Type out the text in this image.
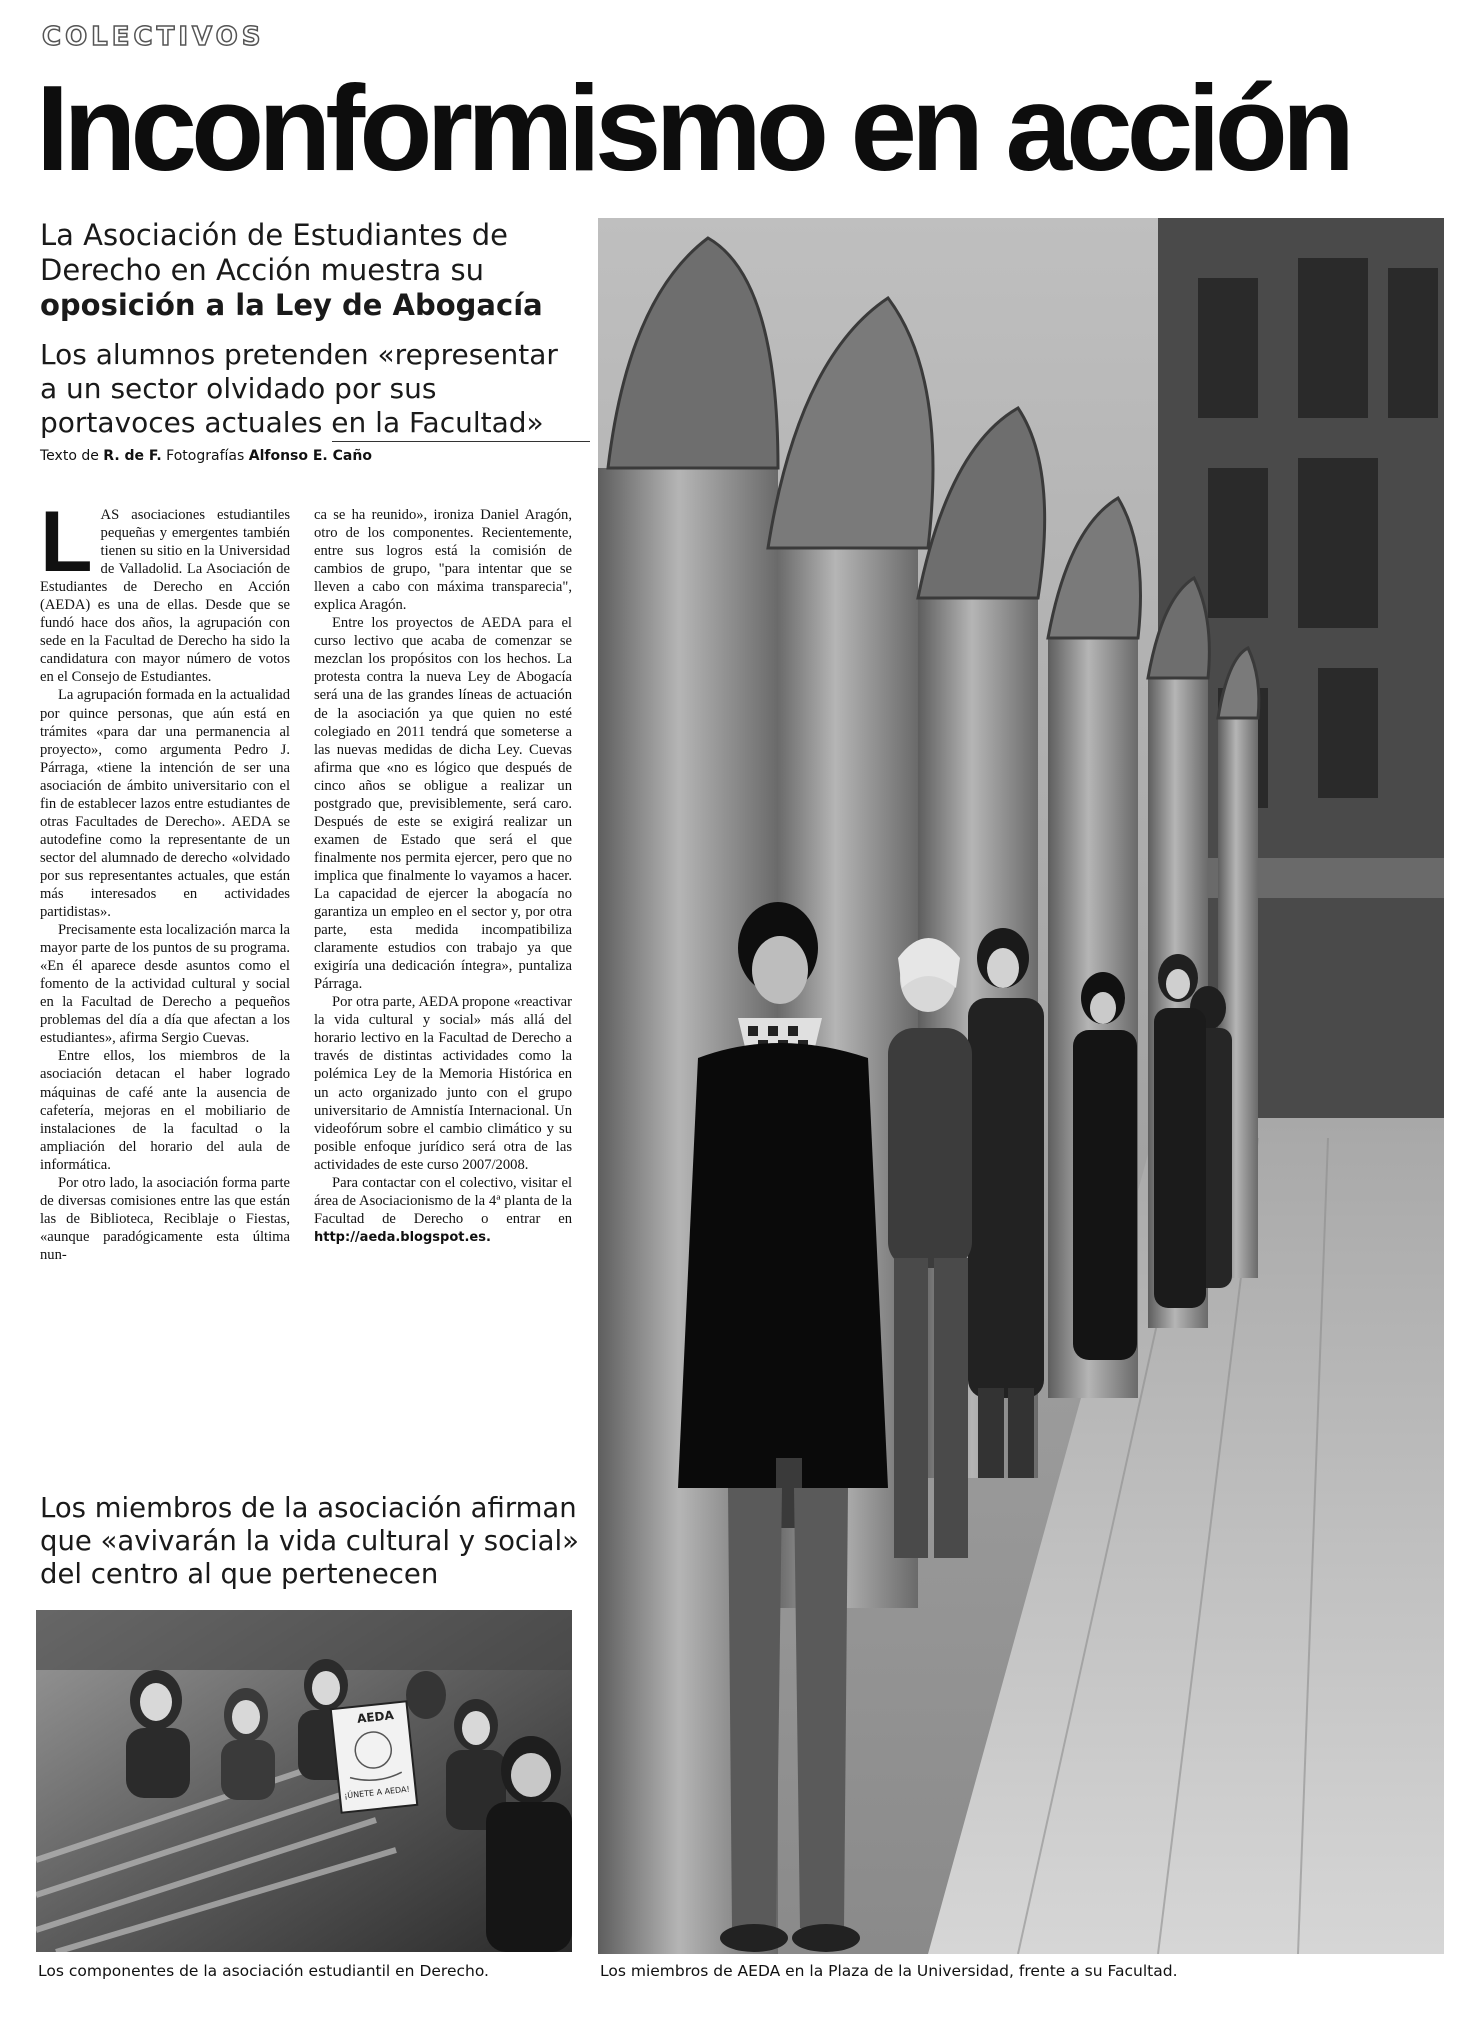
COLECTIVOS
Inconformismo en acción
La Asociación de Estudiantes de Derecho en Acción muestra su oposición a la Ley de Abogacía
Los alumnos pretenden «representar a un sector olvidado por sus portavoces actuales en la Facultad»
Texto de R. de F. Fotografías Alfonso E. Caño

LAS asociaciones estudiantiles pequeñas y emergentes también tienen su sitio en la Universidad de Valladolid. La Asociación de Estudiantes de Derecho en Acción (AEDA) es una de ellas. Desde que se fundó hace dos años, la agrupación con sede en la Facultad de Derecho ha sido la candidatura con mayor número de votos en el Consejo de Estudiantes.

La agrupación formada en la actualidad por quince personas, que aún está en trámites «para dar una permanencia al proyecto», como argumenta Pedro J. Párraga, «tiene la intención de ser una asociación de ámbito universitario con el fin de establecer lazos entre estudiantes de otras Facultades de Derecho». AEDA se autodefine como la representante de un sector del alumnado de derecho «olvidado por sus representantes actuales, que están más interesados en actividades partidistas».

Precisamente esta localización marca la mayor parte de los puntos de su programa. «En él aparece desde asuntos como el fomento de la actividad cultural y social en la Facultad de Derecho a pequeños problemas del día a día que afectan a los estudiantes», afirma Sergio Cuevas.

Entre ellos, los miembros de la asociación detacan el haber logrado máquinas de café ante la ausencia de cafetería, mejoras en el mobiliario de instalaciones de la facultad o la ampliación del horario del aula de informática.

Por otro lado, la asociación forma parte de diversas comisiones entre las que están las de Biblioteca, Reciblaje o Fiestas, «aunque paradógicamente esta última nun-

ca se ha reunido», ironiza Daniel Aragón, otro de los componentes. Recientemente, entre sus logros está la comisión de cambios de grupo, "para intentar que se lleven a cabo con máxima transparecia", explica Aragón.

Entre los proyectos de AEDA para el curso lectivo que acaba de comenzar se mezclan los propósitos con los hechos. La protesta contra la nueva Ley de Abogacía será una de las grandes líneas de actuación de la asociación ya que quien no esté colegiado en 2011 tendrá que someterse a las nuevas medidas de dicha Ley. Cuevas afirma que «no es lógico que después de cinco años se obligue a realizar un postgrado que, previsiblemente, será caro. Después de este se exigirá realizar un examen de Estado que será el que finalmente nos permita ejercer, pero que no implica que finalmente lo vayamos a hacer. La capacidad de ejercer la abogacía no garantiza un empleo en el sector y, por otra parte, esta medida incompatibiliza claramente estudios con trabajo ya que exigiría una dedicación íntegra», puntaliza Párraga.

Por otra parte, AEDA propone «reactivar la vida cultural y social» más allá del horario lectivo en la Facultad de Derecho a través de distintas actividades como la polémica Ley de la Memoria Histórica en un acto organizado junto con el grupo universitario de Amnistía Internacional. Un videofórum sobre el cambio climático y su posible enfoque jurídico será otra de las actividades de este curso 2007/2008.

Para contactar con el colectivo, visitar el área de Asociacionismo de la 4ª planta de la Facultad de Derecho o entrar en http://aeda.blogspot.es.

Los miembros de la asociación afirman que «avivarán la vida cultural y social» del centro al que pertenecen
AEDA
¡ÚNETE A AEDA!
Los componentes de la asociación estudiantil en Derecho.	Los miembros de AEDA en la Plaza de la Universidad, frente a su Facultad.
